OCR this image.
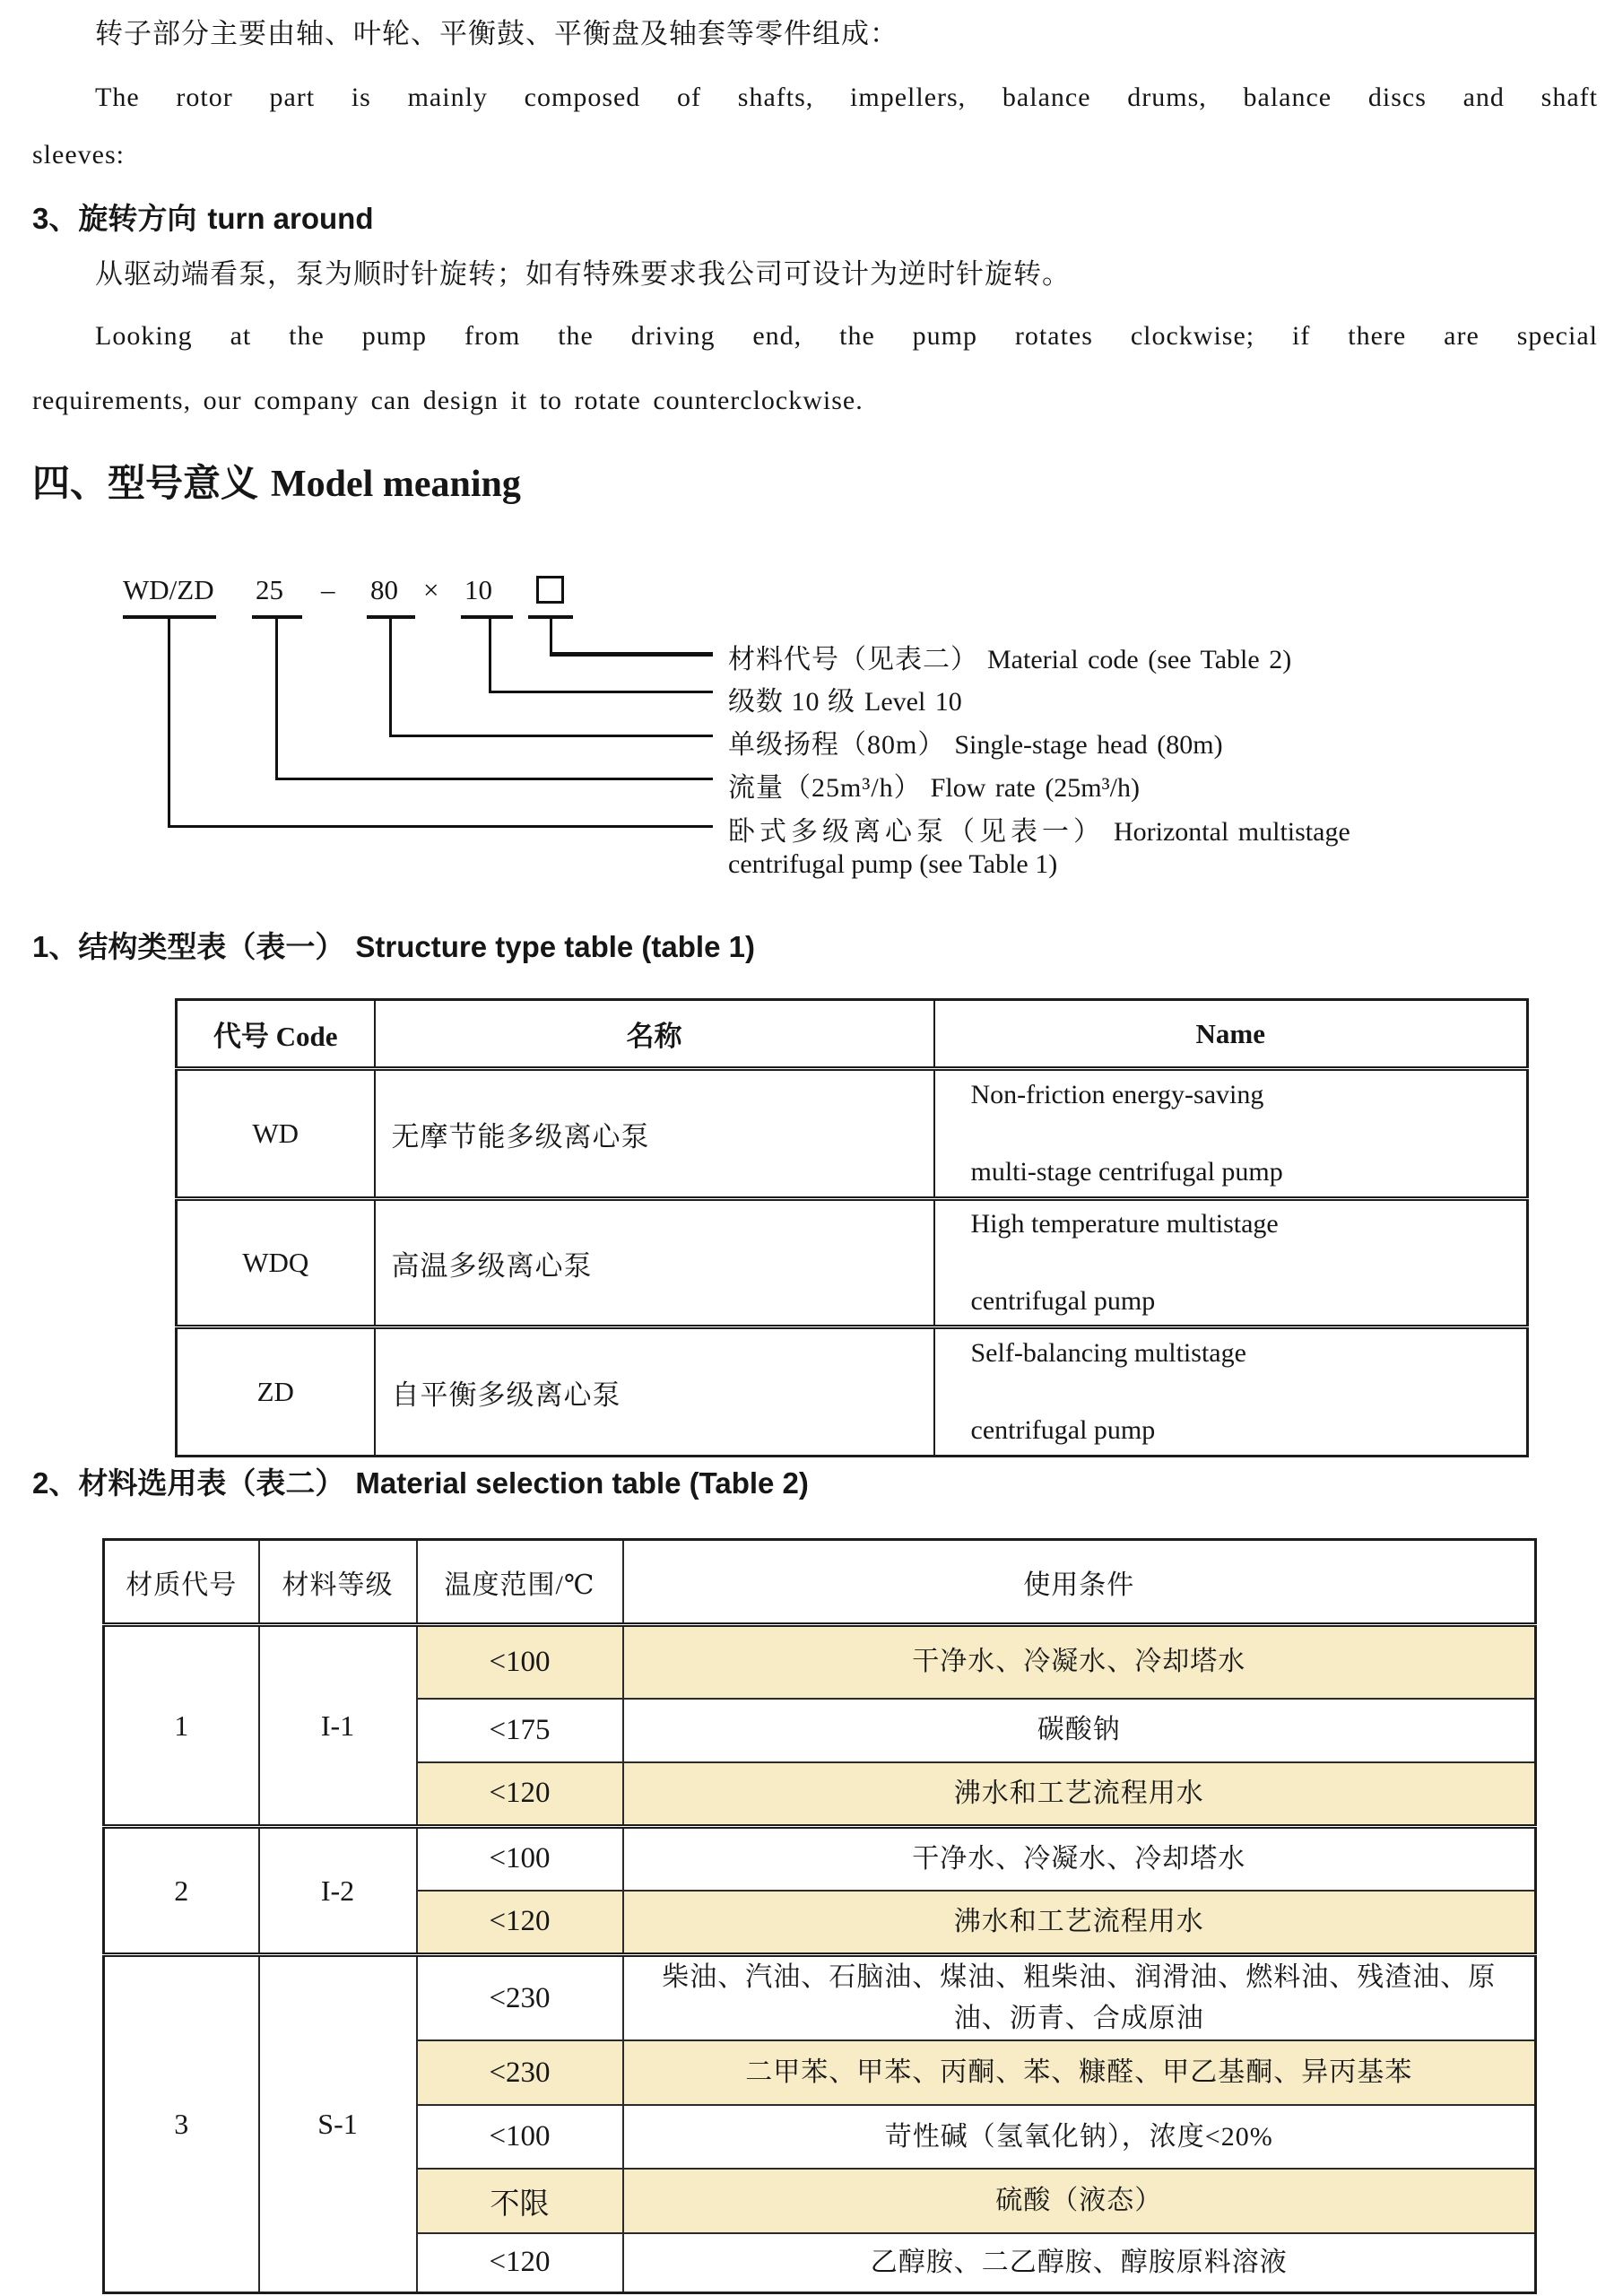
转子部分主要由轴、叶轮、平衡鼓、平衡盘及轴套等零件组成：
The rotor part is mainly composed of shafts, impellers, balance drums, balance discs and shaft
sleeves:
3、旋转方向 turn around
从驱动端看泵，泵为顺时针旋转；如有特殊要求我公司可设计为逆时针旋转。
Looking at the pump from the driving end, the pump rotates clockwise; if there are special
requirements, our company can design it to rotate counterclockwise.
四、型号意义 Model meaning
WD/ZD 25 – 80 × 10
材料代号（见表二） Material code (see Table 2)
级数 10 级 Level 10
单级扬程（80m） Single-stage head (80m)
流量（25m³/h） Flow rate (25m³/h)
卧式多级离心泵（见表一） Horizontal multistage
centrifugal pump (see Table 1)
1、结构类型表（表一） Structure type table (table 1)
代号 Code	名称	Name
WD	无摩节能多级离心泵	Non-friction energy-saving
multi-stage centrifugal pump

WDQ	高温多级离心泵	High temperature multistage
centrifugal pump

ZD	自平衡多级离心泵	Self-balancing multistage
centrifugal pump
2、材料选用表（表二） Material selection table (Table 2)
材质代号	材料等级	温度范围/℃	使用条件
1	I-1	<100	干净水、冷凝水、冷却塔水
		<175	碳酸钠
		<120	沸水和工艺流程用水
2	I-2	<100	干净水、冷凝水、冷却塔水
		<120	沸水和工艺流程用水
3	S-1	<230	柴油、汽油、石脑油、煤油、粗柴油、润滑油、燃料油、残渣油、原油、沥青、合成原油
		<230	二甲苯、甲苯、丙酮、苯、糠醛、甲乙基酮、异丙基苯
		<100	苛性碱（氢氧化钠），浓度<20%
		不限	硫酸（液态）
		<120	乙醇胺、二乙醇胺、醇胺原料溶液
